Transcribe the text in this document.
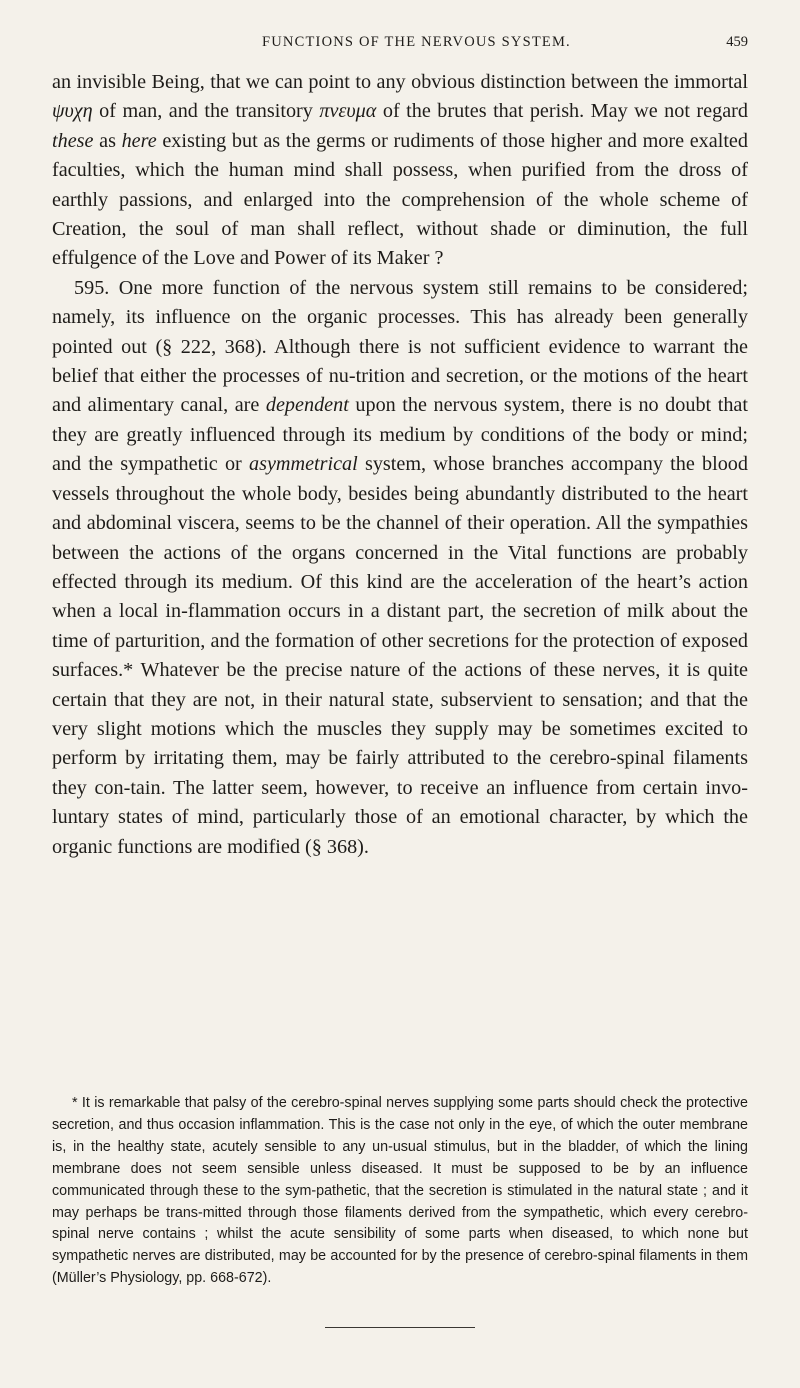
FUNCTIONS OF THE NERVOUS SYSTEM.	459

an invisible Being, that we can point to any obvious distinction between the immortal ψυχη of man, and the transitory πνευμα of the brutes that perish. May we not regard these as here existing but as the germs or rudiments of those higher and more exalted faculties, which the human mind shall possess, when purified from the dross of earthly passions, and enlarged into the comprehension of the whole scheme of Creation, the soul of man shall reflect, without shade or diminution, the full effulgence of the Love and Power of its Maker ?

595. One more function of the nervous system still remains to be considered; namely, its influence on the organic processes. This has already been generally pointed out (§ 222, 368). Although there is not sufficient evidence to warrant the belief that either the processes of nu-trition and secretion, or the motions of the heart and alimentary canal, are dependent upon the nervous system, there is no doubt that they are greatly influenced through its medium by conditions of the body or mind; and the sympathetic or asymmetrical system, whose branches accompany the blood vessels throughout the whole body, besides being abundantly distributed to the heart and abdominal viscera, seems to be the channel of their operation. All the sympathies between the actions of the organs concerned in the Vital functions are probably effected through its medium. Of this kind are the acceleration of the heart’s action when a local in-flammation occurs in a distant part, the secretion of milk about the time of parturition, and the formation of other secretions for the protection of exposed surfaces.* Whatever be the precise nature of the actions of these nerves, it is quite certain that they are not, in their natural state, subservient to sensation; and that the very slight motions which the muscles they supply may be sometimes excited to perform by irritating them, may be fairly attributed to the cerebro-spinal filaments they con-tain. The latter seem, however, to receive an influence from certain invo-luntary states of mind, particularly those of an emotional character, by which the organic functions are modified (§ 368).

* It is remarkable that palsy of the cerebro-spinal nerves supplying some parts should check the protective secretion, and thus occasion inflammation. This is the case not only in the eye, of which the outer membrane is, in the healthy state, acutely sensible to any un-usual stimulus, but in the bladder, of which the lining membrane does not seem sensible unless diseased. It must be supposed to be by an influence communicated through these to the sym-pathetic, that the secretion is stimulated in the natural state ; and it may perhaps be trans-mitted through those filaments derived from the sympathetic, which every cerebro-spinal nerve contains ; whilst the acute sensibility of some parts when diseased, to which none but sympathetic nerves are distributed, may be accounted for by the presence of cerebro-spinal filaments in them (Müller’s Physiology, pp. 668-672).
